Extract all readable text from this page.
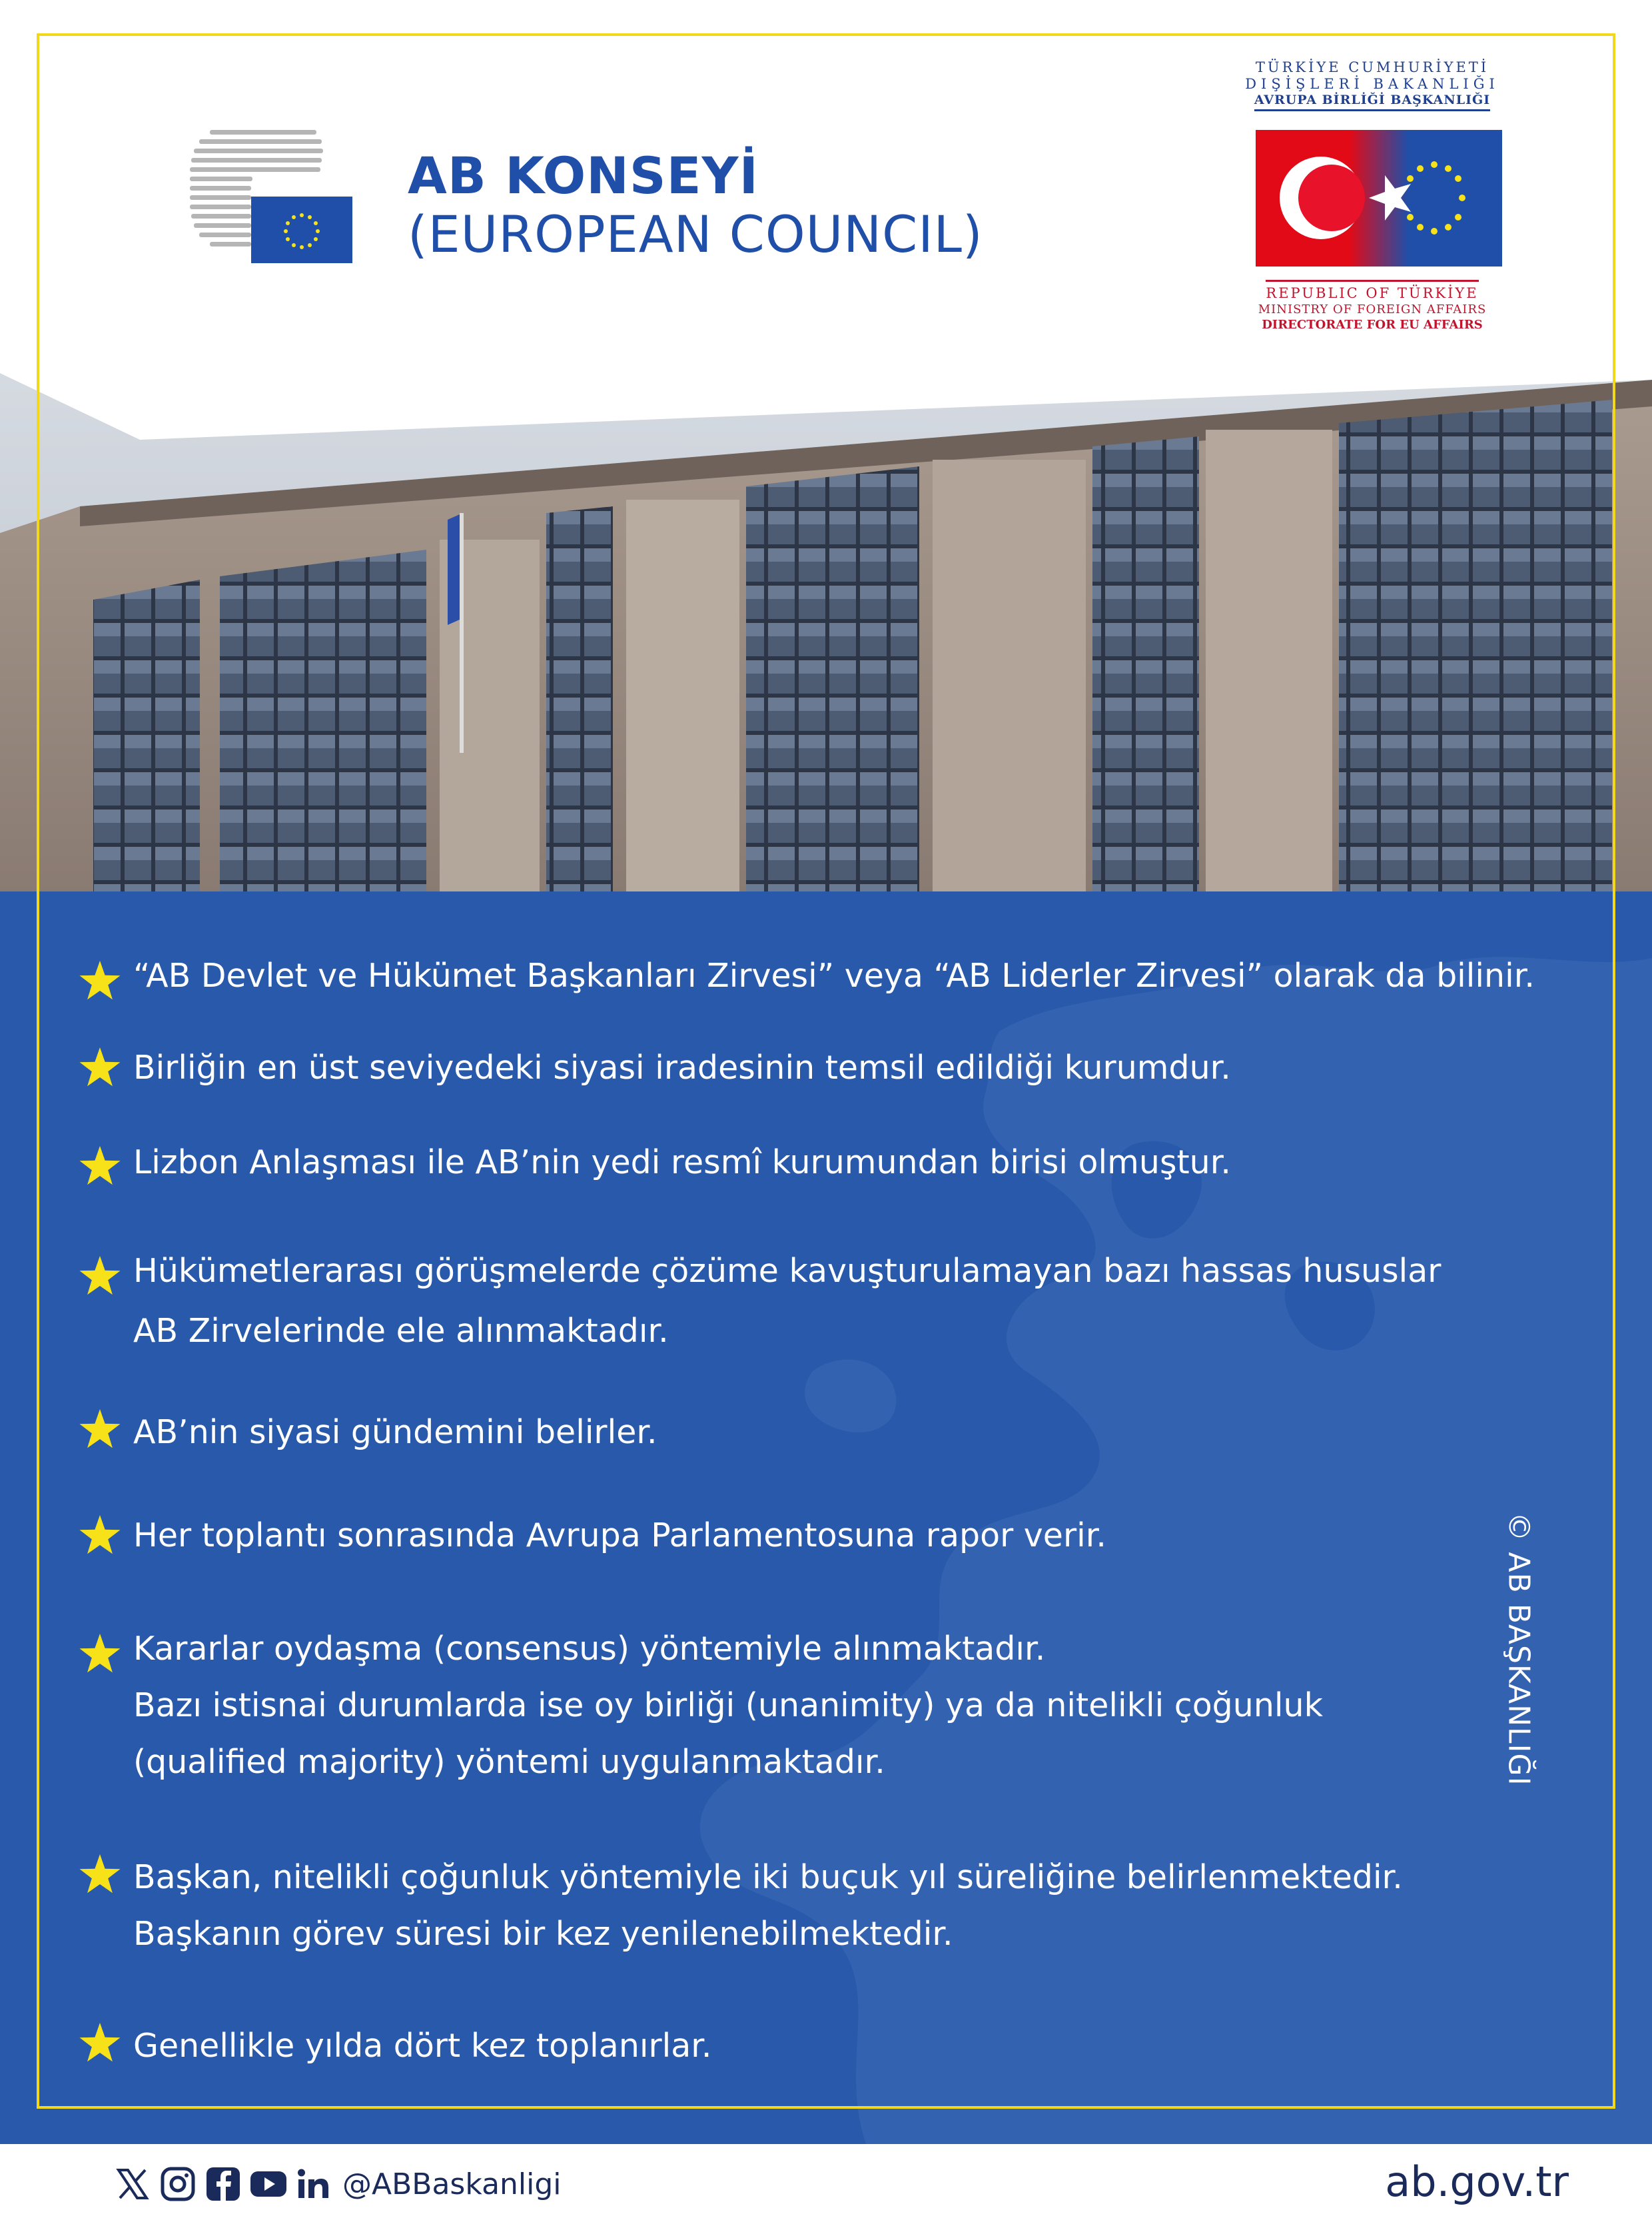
AB KONSEYİ
(EUROPEAN COUNCIL)
TÜRKİYE CUMHURİYETİ
DIŞİŞLERİ BAKANLIĞI
AVRUPA BİRLİĞİ BAŞKANLIĞI
REPUBLIC OF TÜRKİYE
MINISTRY OF FOREIGN AFFAIRS
DIRECTORATE FOR EU AFFAIRS
“AB Devlet ve Hükümet Başkanları Zirvesi” veya “AB Liderler Zirvesi” olarak da bilinir.
Birliğin en üst seviyedeki siyasi iradesinin temsil edildiği kurumdur.
Lizbon Anlaşması ile AB’nin yedi resmî kurumundan birisi olmuştur.
Hükümetlerarası görüşmelerde çözüme kavuşturulamayan bazı hassas hususlar
AB Zirvelerinde ele alınmaktadır.
AB’nin siyasi gündemini belirler.
Her toplantı sonrasında Avrupa Parlamentosuna rapor verir.
Kararlar oydaşma (consensus) yöntemiyle alınmaktadır.
Bazı istisnai durumlarda ise oy birliği (unanimity) ya da nitelikli çoğunluk
(qualified majority) yöntemi uygulanmaktadır.
Başkan, nitelikli çoğunluk yöntemiyle iki buçuk yıl süreliğine belirlenmektedir.
Başkanın görev süresi bir kez yenilenebilmektedir.
Genellikle yılda dört kez toplanırlar.
© AB BAŞKANLIĞI
@ABBaskanligi	ab.gov.tr
